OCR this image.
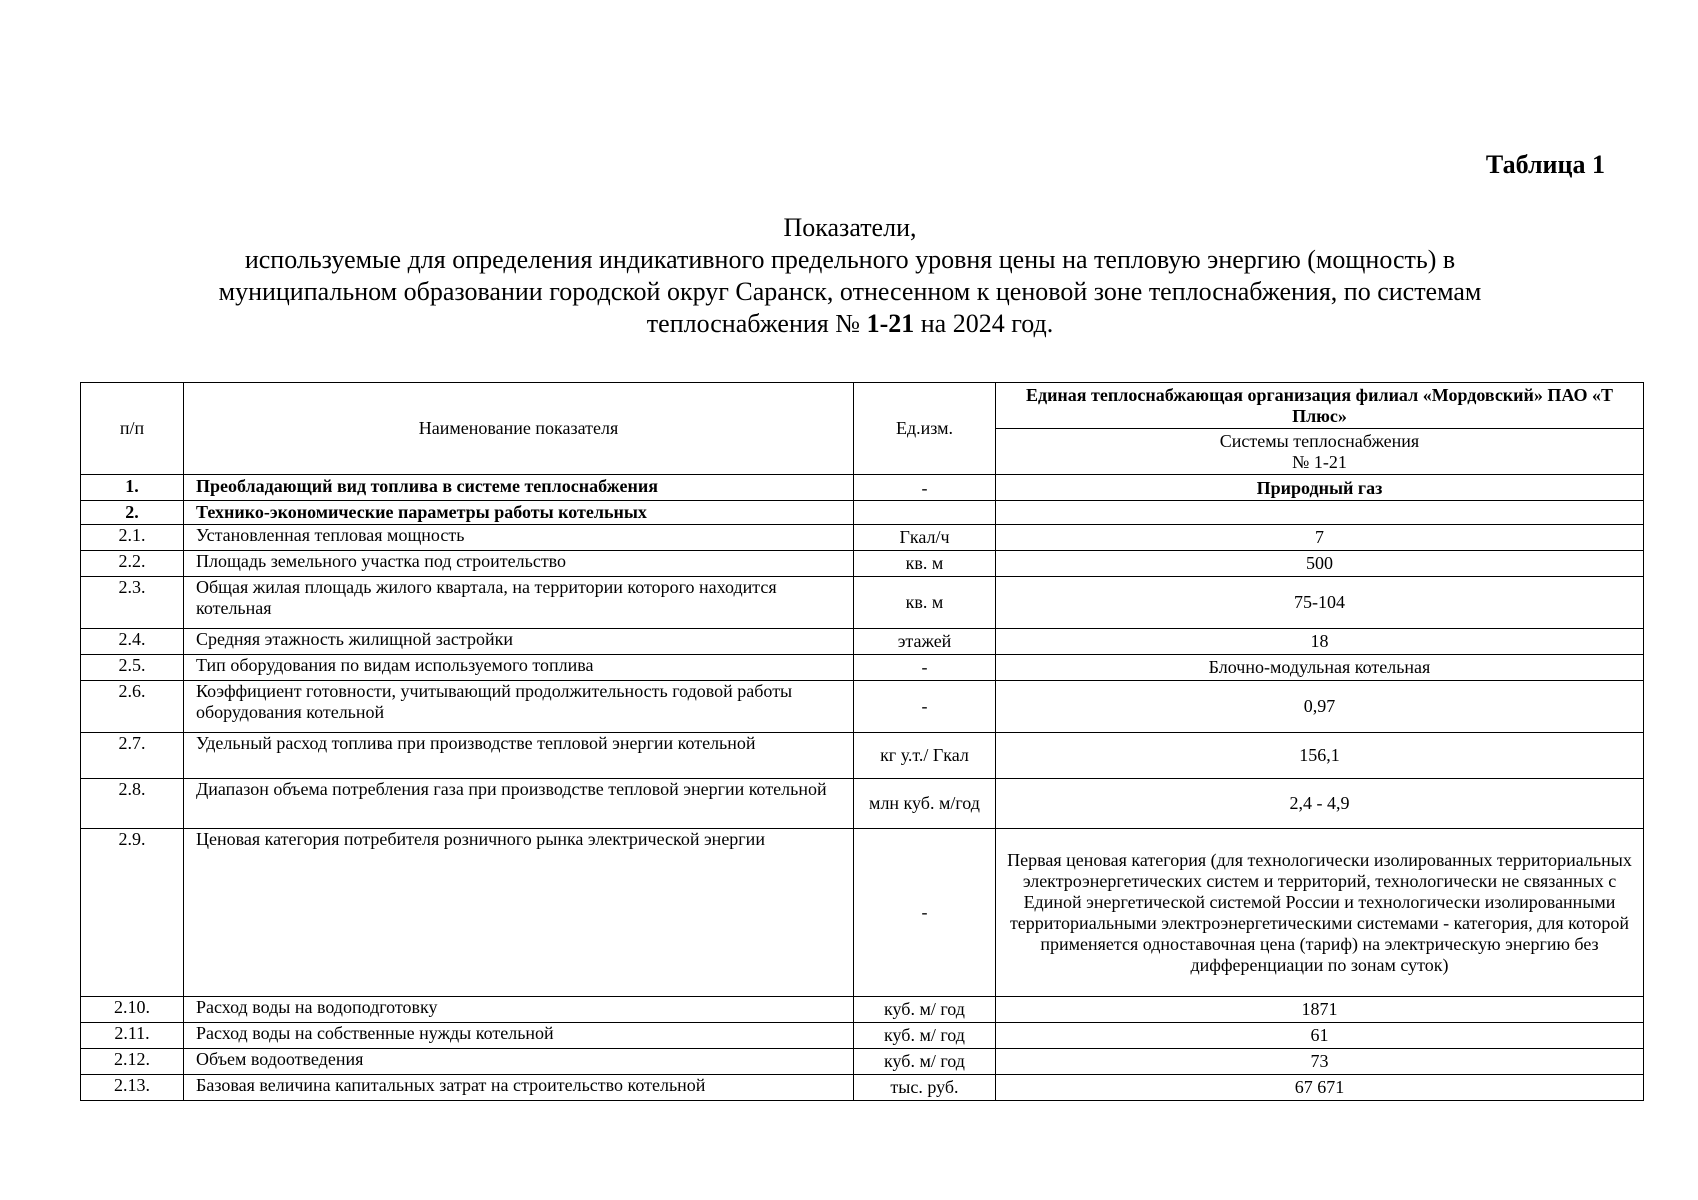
Таблица 1
Показатели,
используемые для определения индикативного предельного уровня цены на тепловую энергию (мощность) в
муниципальном образовании городской округ Саранск, отнесенном к ценовой зоне теплоснабжения, по системам
теплоснабжения № 1-21 на 2024 год.
п/п	Наименование показателя	Ед.изм.	Единая теплоснабжающая организация филиал «Мордовский» ПАО «Т Плюс»

			Системы теплоснабжения
№ 1-21

1.	Преобладающий вид топлива в системе теплоснабжения	-	Природный газ
2.	Технико-экономические параметры работы котельных		
2.1.	Установленная тепловая мощность	Гкал/ч	7
2.2.	Площадь земельного участка под строительство	кв. м	500
2.3.	Общая жилая площадь жилого квартала, на территории которого находится котельная	кв. м	75-104
2.4.	Средняя этажность жилищной застройки	этажей	18
2.5.	Тип оборудования по видам используемого топлива	-	Блочно-модульная котельная
2.6.	Коэффициент готовности, учитывающий продолжительность годовой работы оборудования котельной	-	0,97
2.7.	Удельный расход топлива при производстве тепловой энергии котельной	кг у.т./ Гкал	156,1
2.8.	Диапазон объема потребления газа при производстве тепловой энергии котельной	млн куб. м/год	2,4 - 4,9
2.9.	Ценовая категория потребителя розничного рынка электрической энергии	-	Первая ценовая категория (для технологически изолированных территориальных электроэнергетических систем и территорий, технологически не связанных с Единой энергетической системой России и технологически изолированными территориальными электроэнергетическими системами - категория, для которой применяется одноставочная цена (тариф) на электрическую энергию без дифференциации по зонам суток)
2.10.	Расход воды на водоподготовку	куб. м/ год	1871
2.11.	Расход воды на собственные нужды котельной	куб. м/ год	61
2.12.	Объем водоотведения	куб. м/ год	73
2.13.	Базовая величина капитальных затрат на строительство котельной	тыс. руб.	67 671
